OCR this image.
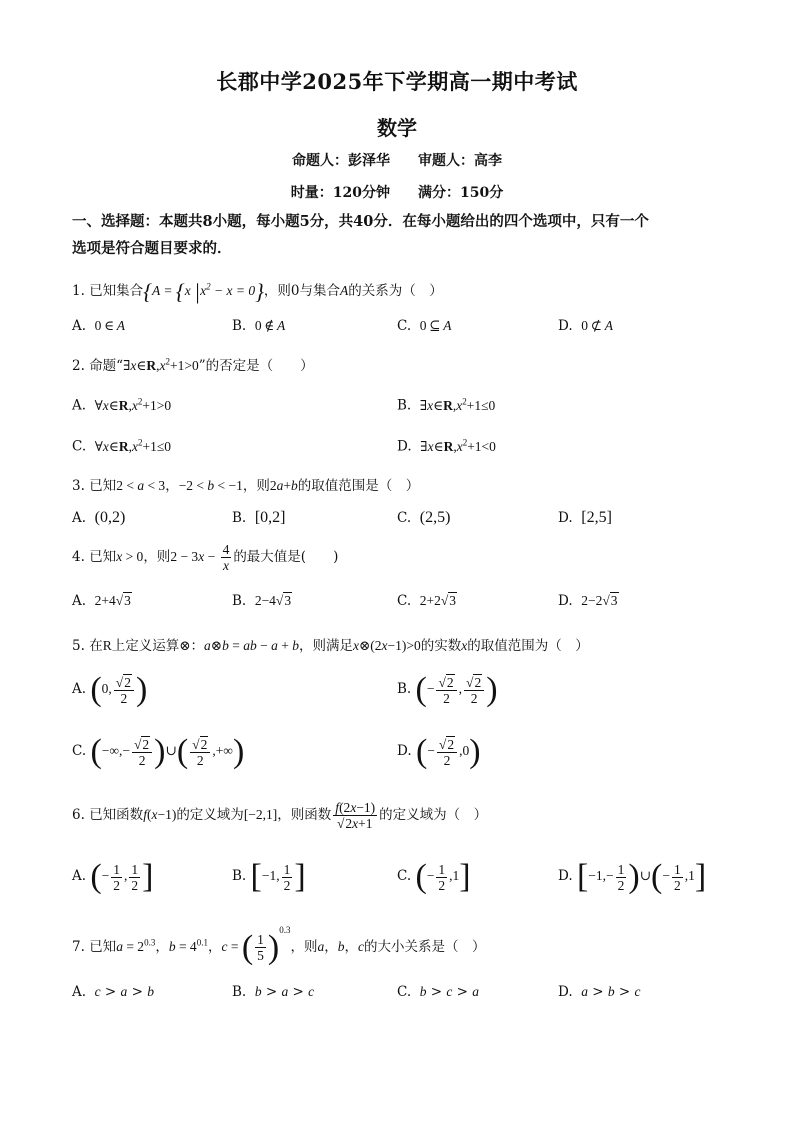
长郡中学2025年下学期高一期中考试
数学
命题人：彭泽华　　审题人：高李
时量：120分钟　　满分：150分
一、选择题：本题共8小题，每小题5分，共40分．在每小题给出的四个选项中，只有一个
选项是符合题目要求的．
1. 已知集合{A = {x $|x^2 - x = 0$}，则0与集合A的关系为（　）
A. 0 ∈ A	B. 0 ∉ A	C. 0 ⊆ A	D. 0 ⊄ A
2. 命题“$\exists x\in R,x^2+1>0$”的否定是（　　）
A. $\forall x\in R,x^2+1>0$	B. $\exists x\in R,x^2+1\le 0$
C. $\forall x\in R,x^2+1\le 0$	D. $\exists x\in R,x^2+1<0$
3. 已知2 < a < 3，−2 < b < −1，则2a+b的取值范围是（　）
A. (0,2)	B. [0,2]	C. (2,5)	D. [2,5]
4. 已知x > 0，则$2 - 3x - \frac{4}{x}$ 的最大值是(　　)
A. 2+4√3	B. 2−4√3	C. 2+2√3	D. 2−2√3
5. 在R上定义运算⊗：a⊗b = ab − a + b，则满足x⊗(2x−1)>0的实数x的取值范围为（　）
A. (0, $\frac{√2}{2}$ )	B. (− $\frac{√2}{2}$ , $\frac{√2}{2}$ )
C. (−∞,− $\frac{√2}{2}$ )∪( $\frac{√2}{2}$ ,+∞)	D. (− $\frac{√2}{2} ,0$)
6. 已知函数f(x−1)的定义域为[−2,1]，则函数 $\frac{f(2x-1)}{√2x+1}$ 的定义域为（　）
A. (− $\frac{1}{2}$ , $\frac{1}{2}$ ]	B. [−1, $\frac{1}{2}$ ]	C. (− $\frac{1}{2} ,1$]	D. [$-1,- \frac{1}{2}$ )∪(− $\frac{1}{2} ,1$]
7. 已知$a = 2^{0.3}$，$b = 4^{0.1}$，c = ( $\frac{1}{5} )^{0.3}$，则a，b，c的大小关系是（　）
A. c > a > b	B. b > a > c	C. b > c > a	D. a > b > c
